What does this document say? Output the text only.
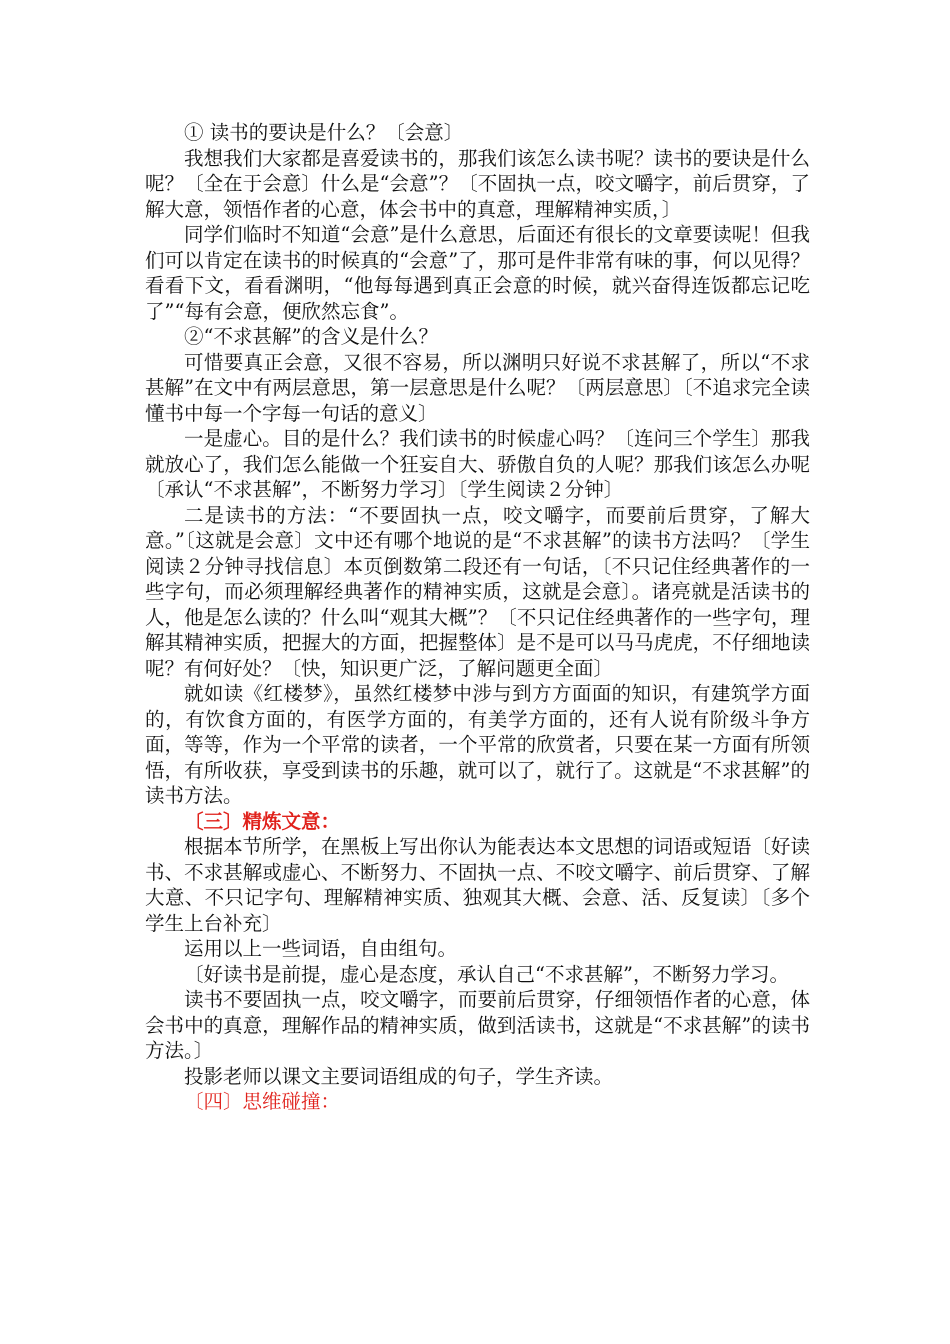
① 读书的要诀是什么？〔会意〕

我想我们大家都是喜爱读书的，那我们该怎么读书呢？读书的要诀是什么呢？〔全在于会意〕什么是“会意”？〔不固执一点，咬文嚼字，前后贯穿，了解大意，领悟作者的心意，体会书中的真意，理解精神实质，〕

同学们临时不知道“会意”是什么意思，后面还有很长的文章要读呢！但我们可以肯定在读书的时候真的“会意”了，那可是件非常有味的事，何以见得？看看下文，看看渊明，“他每每遇到真正会意的时候，就兴奋得连饭都忘记吃了”“每有会意，便欣然忘食”。

②“不求甚解”的含义是什么？

可惜要真正会意，又很不容易，所以渊明只好说不求甚解了，所以“不求甚解”在文中有两层意思，第一层意思是什么呢？〔两层意思〕〔不追求完全读懂书中每一个字每一句话的意义〕

一是虚心。目的是什么？我们读书的时候虚心吗？〔连问三个学生〕那我就放心了，我们怎么能做一个狂妄自大、骄傲自负的人呢？那我们该怎么办呢〔承认“不求甚解”，不断努力学习〕〔学生阅读２分钟〕

二是读书的方法：“不要固执一点，咬文嚼字，而要前后贯穿，了解大意。”〔这就是会意〕文中还有哪个地说的是“不求甚解”的读书方法吗？〔学生阅读２分钟寻找信息〕本页倒数第二段还有一句话，〔不只记住经典著作的一些字句，而必须理解经典著作的精神实质，这就是会意〕。诸亮就是活读书的人，他是怎么读的？什么叫“观其大概”？〔不只记住经典著作的一些字句，理解其精神实质，把握大的方面，把握整体〕是不是可以马马虎虎，不仔细地读呢？有何好处？〔快，知识更广泛，了解问题更全面〕

就如读《红楼梦》，虽然红楼梦中涉与到方方面面的知识，有建筑学方面的，有饮食方面的，有医学方面的，有美学方面的，还有人说有阶级斗争方面，等等，作为一个平常的读者，一个平常的欣赏者，只要在某一方面有所领悟，有所收获，享受到读书的乐趣，就可以了，就行了。这就是“不求甚解”的读书方法。

〔三〕精炼文意：

根据本节所学，在黑板上写出你认为能表达本文思想的词语或短语〔好读书、不求甚解或虚心、不断努力、不固执一点、不咬文嚼字、前后贯穿、了解大意、不只记字句、理解精神实质、独观其大概、会意、活、反复读〕〔多个学生上台补充〕

运用以上一些词语，自由组句。

〔好读书是前提，虚心是态度，承认自己“不求甚解”，不断努力学习。

读书不要固执一点，咬文嚼字，而要前后贯穿，仔细领悟作者的心意，体会书中的真意，理解作品的精神实质，做到活读书，这就是“不求甚解”的读书方法。〕

投影老师以课文主要词语组成的句子，学生齐读。

〔四〕思维碰撞：
